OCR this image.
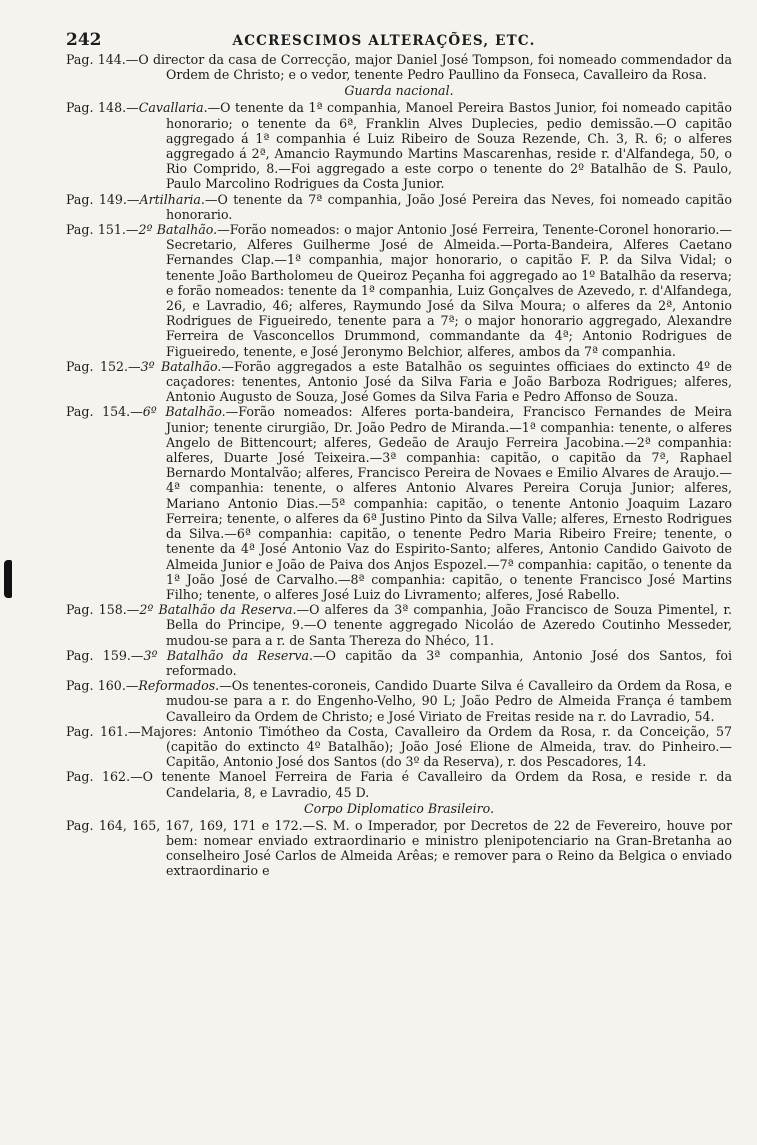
242	ACCRESCIMOS ALTERAÇÕES, ETC.

Pag. 144.—O director da casa de Correcção, major Daniel José Tompson, foi nomeado commendador da Ordem de Christo; e o vedor, tenente Pedro Paullino da Fonseca, Cavalleiro da Rosa.

Guarda nacional.

Pag. 148.—Cavallaria.—O tenente da 1ª companhia, Manoel Pereira Bastos Junior, foi nomeado capitão honorario; o tenente da 6ª, Franklin Alves Duplecies, pedio demissão.—O capitão aggregado á 1ª companhia é Luiz Ribeiro de Souza Rezende, Ch. 3, R. 6; o alferes aggregado á 2ª, Amancio Raymundo Martins Mascarenhas, reside r. d'Alfandega, 50, o Rio Comprido, 8.—Foi aggregado a este corpo o tenente do 2º Batalhão de S. Paulo, Paulo Marcolino Rodrigues da Costa Junior.

Pag. 149.—Artilharia.—O tenente da 7ª companhia, João José Pereira das Neves, foi nomeado capitão honorario.

Pag. 151.—2º Batalhão.—Forão nomeados: o major Antonio José Ferreira, Tenente-Coronel honorario.—Secretario, Alferes Guilherme José de Almeida.—Porta-Bandeira, Alferes Caetano Fernandes Clap.—1ª companhia, major honorario, o capitão F. P. da Silva Vidal; o tenente João Bartholomeu de Queiroz Peçanha foi aggregado ao 1º Batalhão da reserva; e forão nomeados: tenente da 1ª companhia, Luiz Gonçalves de Azevedo, r. d'Alfandega, 26, e Lavradio, 46; alferes, Raymundo José da Silva Moura; o alferes da 2ª, Antonio Rodrigues de Figueiredo, tenente para a 7ª; o major honorario aggregado, Alexandre Ferreira de Vasconcellos Drummond, commandante da 4ª; Antonio Rodrigues de Figueiredo, tenente, e José Jeronymo Belchior, alferes, ambos da 7ª companhia.

Pag. 152.—3º Batalhão.—Forão aggregados a este Batalhão os seguintes officiaes do extincto 4º de caçadores: tenentes, Antonio José da Silva Faria e João Barboza Rodrigues; alferes, Antonio Augusto de Souza, José Gomes da Silva Faria e Pedro Affonso de Souza.

Pag. 154.—6º Batalhão.—Forão nomeados: Alferes porta-bandeira, Francisco Fernandes de Meira Junior; tenente cirurgião, Dr. João Pedro de Miranda.—1ª companhia: tenente, o alferes Angelo de Bittencourt; alferes, Gedeão de Araujo Ferreira Jacobina.—2ª companhia: alferes, Duarte José Teixeira.—3ª companhia: capitão, o capitão da 7ª, Raphael Bernardo Montalvão; alferes, Francisco Pereira de Novaes e Emilio Alvares de Araujo.—4ª companhia: tenente, o alferes Antonio Alvares Pereira Coruja Junior; alferes, Mariano Antonio Dias.—5ª companhia: capitão, o tenente Antonio Joaquim Lazaro Ferreira; tenente, o alferes da 6ª Justino Pinto da Silva Valle; alferes, Ernesto Rodrigues da Silva.—6ª companhia: capitão, o tenente Pedro Maria Ribeiro Freire; tenente, o tenente da 4ª José Antonio Vaz do Espirito-Santo; alferes, Antonio Candido Gaivoto de Almeida Junior e João de Paiva dos Anjos Espozel.—7ª companhia: capitão, o tenente da 1ª João José de Carvalho.—8ª companhia: capitão, o tenente Francisco José Martins Filho; tenente, o alferes José Luiz do Livramento; alferes, José Rabello.

Pag. 158.—2º Batalhão da Reserva.—O alferes da 3ª companhia, João Francisco de Souza Pimentel, r. Bella do Principe, 9.—O tenente aggregado Nicoláo de Azeredo Coutinho Messeder, mudou-se para a r. de Santa Thereza do Nhéco, 11.

Pag. 159.—3º Batalhão da Reserva.—O capitão da 3ª companhia, Antonio José dos Santos, foi reformado.

Pag. 160.—Reformados.—Os tenentes-coroneis, Candido Duarte Silva é Cavalleiro da Ordem da Rosa, e mudou-se para a r. do Engenho-Velho, 90 L; João Pedro de Almeida França é tambem Cavalleiro da Ordem de Christo; e José Viriato de Freitas reside na r. do Lavradio, 54.

Pag. 161.—Majores: Antonio Timótheo da Costa, Cavalleiro da Ordem da Rosa, r. da Conceição, 57 (capitão do extincto 4º Batalhão); João José Elione de Almeida, trav. do Pinheiro.—Capitão, Antonio José dos Santos (do 3º da Reserva), r. dos Pescadores, 14.

Pag. 162.—O tenente Manoel Ferreira de Faria é Cavalleiro da Ordem da Rosa, e reside r. da Candelaria, 8, e Lavradio, 45 D.

Corpo Diplomatico Brasileiro.

Pag. 164, 165, 167, 169, 171 e 172.—S. M. o Imperador, por Decretos de 22 de Fevereiro, houve por bem: nomear enviado extraordinario e ministro plenipotenciario na Gran-Bretanha ao conselheiro José Carlos de Almeida Arêas; e remover para o Reino da Belgica o enviado extraordinario e
